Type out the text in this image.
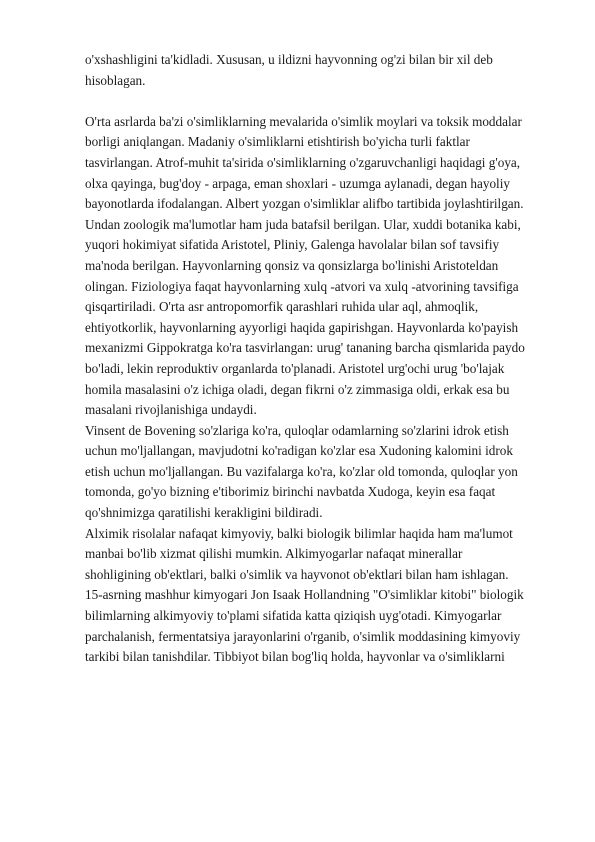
o'xshashligini ta'kidladi. Xususan, u ildizni hayvonning og'zi bilan bir xil deb
hisoblagan.
O'rta asrlarda ba'zi o'simliklarning mevalarida o'simlik moylari va toksik moddalar
borligi aniqlangan. Madaniy o'simliklarni etishtirish bo'yicha turli faktlar
tasvirlangan. Atrof-muhit ta'sirida o'simliklarning o'zgaruvchanligi haqidagi g'oya,
olxa qayinga, bug'doy - arpaga, eman shoxlari - uzumga aylanadi, degan hayoliy
bayonotlarda ifodalangan. Albert yozgan o'simliklar alifbo tartibida joylashtirilgan.
Undan zoologik ma'lumotlar ham juda batafsil berilgan. Ular, xuddi botanika kabi,
yuqori hokimiyat sifatida Aristotel, Pliniy, Galenga havolalar bilan sof tavsifiy
ma'noda berilgan. Hayvonlarning qonsiz va qonsizlarga bo'linishi Aristoteldan
olingan. Fiziologiya faqat hayvonlarning xulq -atvori va xulq -atvorining tavsifiga
qisqartiriladi. O'rta asr antropomorfik qarashlari ruhida ular aql, ahmoqlik,
ehtiyotkorlik, hayvonlarning ayyorligi haqida gapirishgan. Hayvonlarda ko'payish
mexanizmi Gippokratga ko'ra tasvirlangan: urug' tananing barcha qismlarida paydo
bo'ladi, lekin reproduktiv organlarda to'planadi. Aristotel urg'ochi urug 'bo'lajak
homila masalasini o'z ichiga oladi, degan fikrni o'z zimmasiga oldi, erkak esa bu
masalani rivojlanishiga undaydi.
Vinsent de Bovening so'zlariga ko'ra, quloqlar odamlarning so'zlarini idrok etish
uchun mo'ljallangan, mavjudotni ko'radigan ko'zlar esa Xudoning kalomini idrok
etish uchun mo'ljallangan. Bu vazifalarga ko'ra, ko'zlar old tomonda, quloqlar yon
tomonda, go'yo bizning e'tiborimiz birinchi navbatda Xudoga, keyin esa faqat
qo'shnimizga qaratilishi kerakligini bildiradi.
Alximik risolalar nafaqat kimyoviy, balki biologik bilimlar haqida ham ma'lumot
manbai bo'lib xizmat qilishi mumkin. Alkimyogarlar nafaqat minerallar
shohligining ob'ektlari, balki o'simlik va hayvonot ob'ektlari bilan ham ishlagan.
15-asrning mashhur kimyogari Jon Isaak Hollandning "O'simliklar kitobi" biologik
bilimlarning alkimyoviy to'plami sifatida katta qiziqish uyg'otadi. Kimyogarlar
parchalanish, fermentatsiya jarayonlarini o'rganib, o'simlik moddasining kimyoviy
tarkibi bilan tanishdilar. Tibbiyot bilan bog'liq holda, hayvonlar va o'simliklarni
